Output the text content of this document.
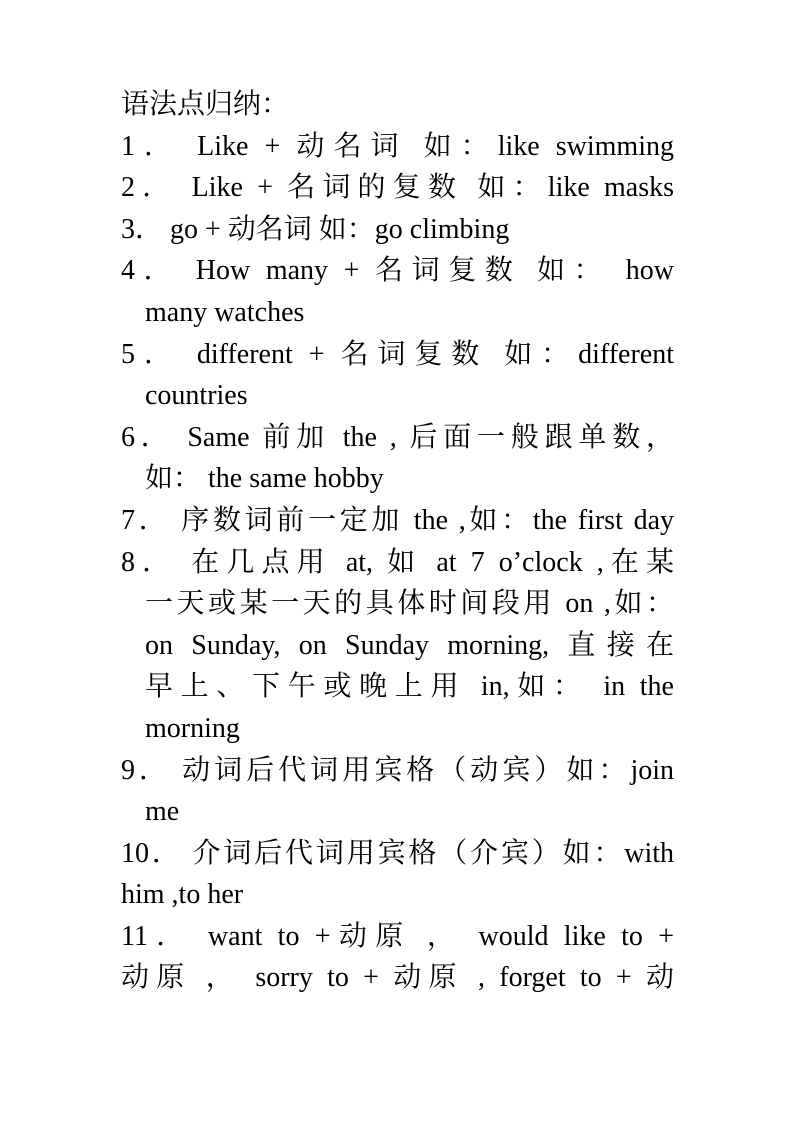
语法点归纳：
1． Like + 动名词 如：like swimming
2． Like + 名词的复数 如：like masks
3． go + 动名词 如：go climbing
4． How many + 名词复数 如： how
many watches
5． different + 名词复数 如：different
countries
6． Same 前加 the , 后面一般跟单数，
如： the same hobby
7． 序数词前一定加 the ,如：the first day
8． 在几点用 at, 如 at 7 o’clock ,在某
一天或某一天的具体时间段用 on ,如：
on Sunday, on Sunday morning, 直接在
早上、下午或晚上用 in,如： in the
morning
9． 动词后代词用宾格（动宾）如：join
me
10． 介词后代词用宾格（介宾）如：with
him ,to her
11． want to +动原 ， would like to +
动原 ， sorry to + 动原 , forget to + 动
